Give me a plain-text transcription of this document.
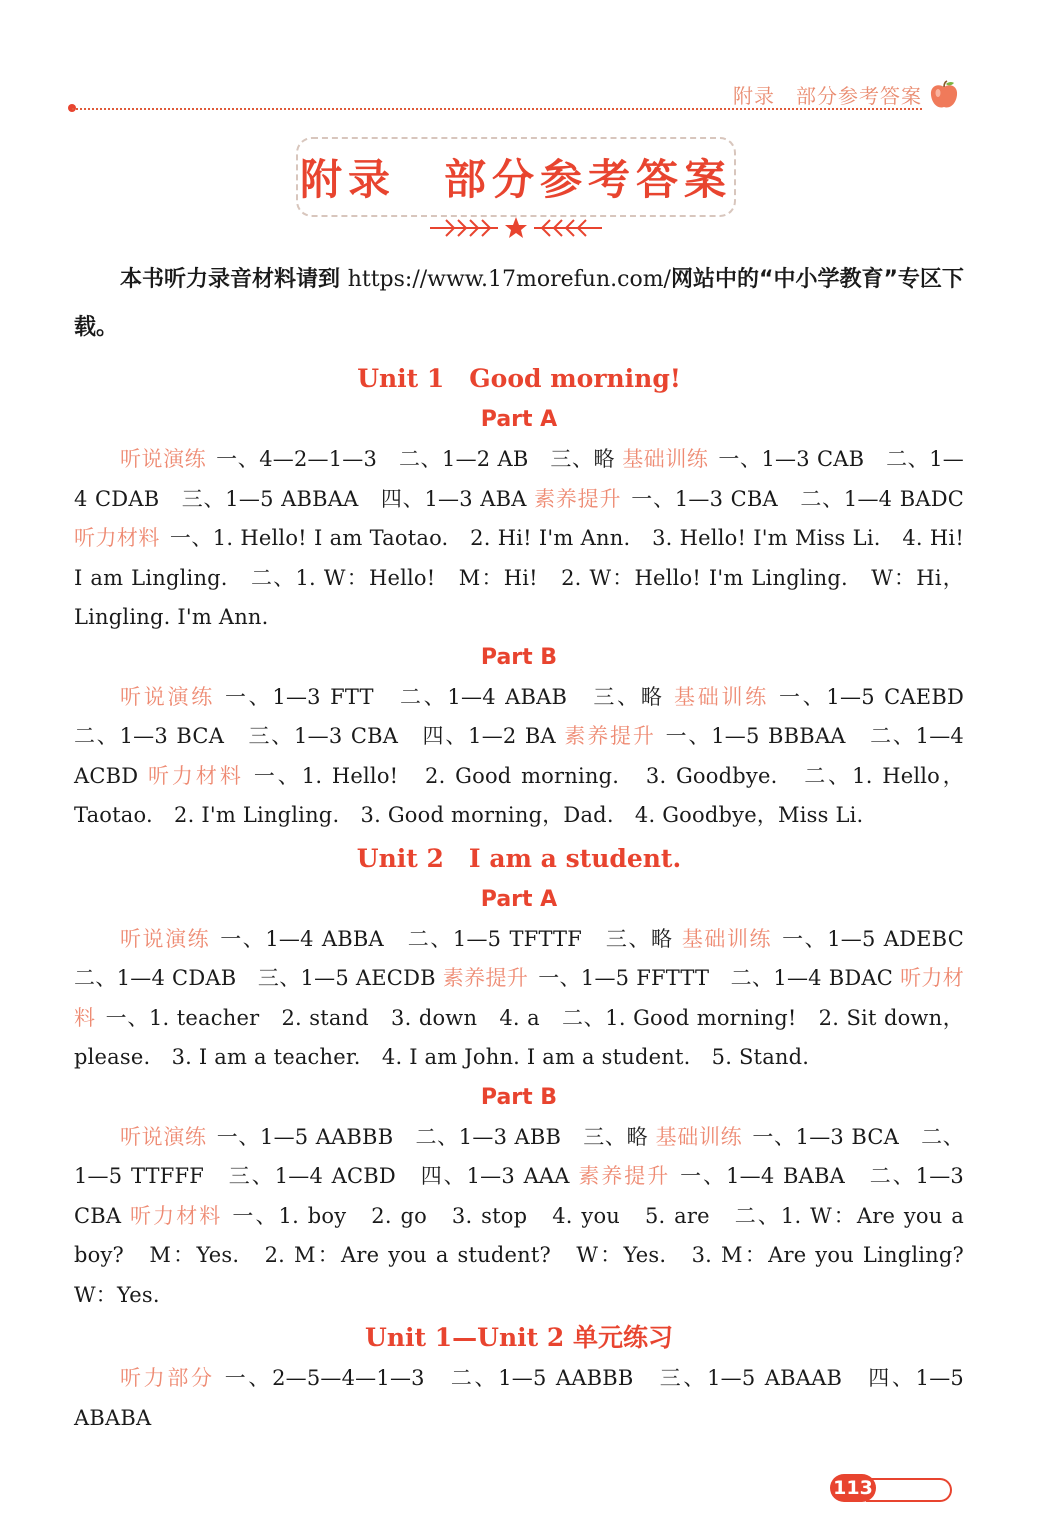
附录　部分参考答案
附录　部分参考答案
本书听力录音材料请到 https://www.17morefun.com/网站中的“中小学教育”专区下载。
Unit 1　Good morning!
Part A
听说演练 一、4—2—1—3　二、1—2 AB　三、略 基础训练 一、1—3 CAB　二、1—4 CDAB　三、1—5 ABBAA　四、1—3 ABA 素养提升 一、1—3 CBA　二、1—4 BADC 听力材料 一、1. Hello! I am Taotao.　2. Hi! I'm Ann.　3. Hello! I'm Miss Li.　4. Hi! I am Lingling.　二、1. W：Hello!　M：Hi!　2. W：Hello! I'm Lingling.　W：Hi，Lingling. I'm Ann.
Part B
听说演练 一、1—3 FTT　二、1—4 ABAB　三、略 基础训练 一、1—5 CAEBD　二、1—3 BCA　三、1—3 CBA　四、1—2 BA 素养提升 一、1—5 BBBAA　二、1—4 ACBD 听力材料 一、1. Hello!　2. Good morning.　3. Goodbye.　二、1. Hello，Taotao.　2. I'm Lingling.　3. Good morning，Dad.　4. Goodbye，Miss Li.
Unit 2　I am a student.
Part A
听说演练 一、1—4 ABBA　二、1—5 TFTTF　三、略 基础训练 一、1—5 ADEBC　二、1—4 CDAB　三、1—5 AECDB 素养提升 一、1—5 FFTTT　二、1—4 BDAC 听力材料 一、1. teacher　2. stand　3. down　4. a　二、1. Good morning!　2. Sit down，please.　3. I am a teacher.　4. I am John. I am a student.　5. Stand.
Part B
听说演练 一、1—5 AABBB　二、1—3 ABB　三、略 基础训练 一、1—3 BCA　二、1—5 TTFFF　三、1—4 ACBD　四、1—3 AAA 素养提升 一、1—4 BABA　二、1—3 CBA 听力材料 一、1. boy　2. go　3. stop　4. you　5. are　二、1. W：Are you a boy?　M：Yes.　2. M：Are you a student?　W：Yes.　3. M：Are you Lingling?　W：Yes.
Unit 1—Unit 2 单元练习
听力部分 一、2—5—4—1—3　二、1—5 AABBB　三、1—5 ABAAB　四、1—5 ABABA
113
